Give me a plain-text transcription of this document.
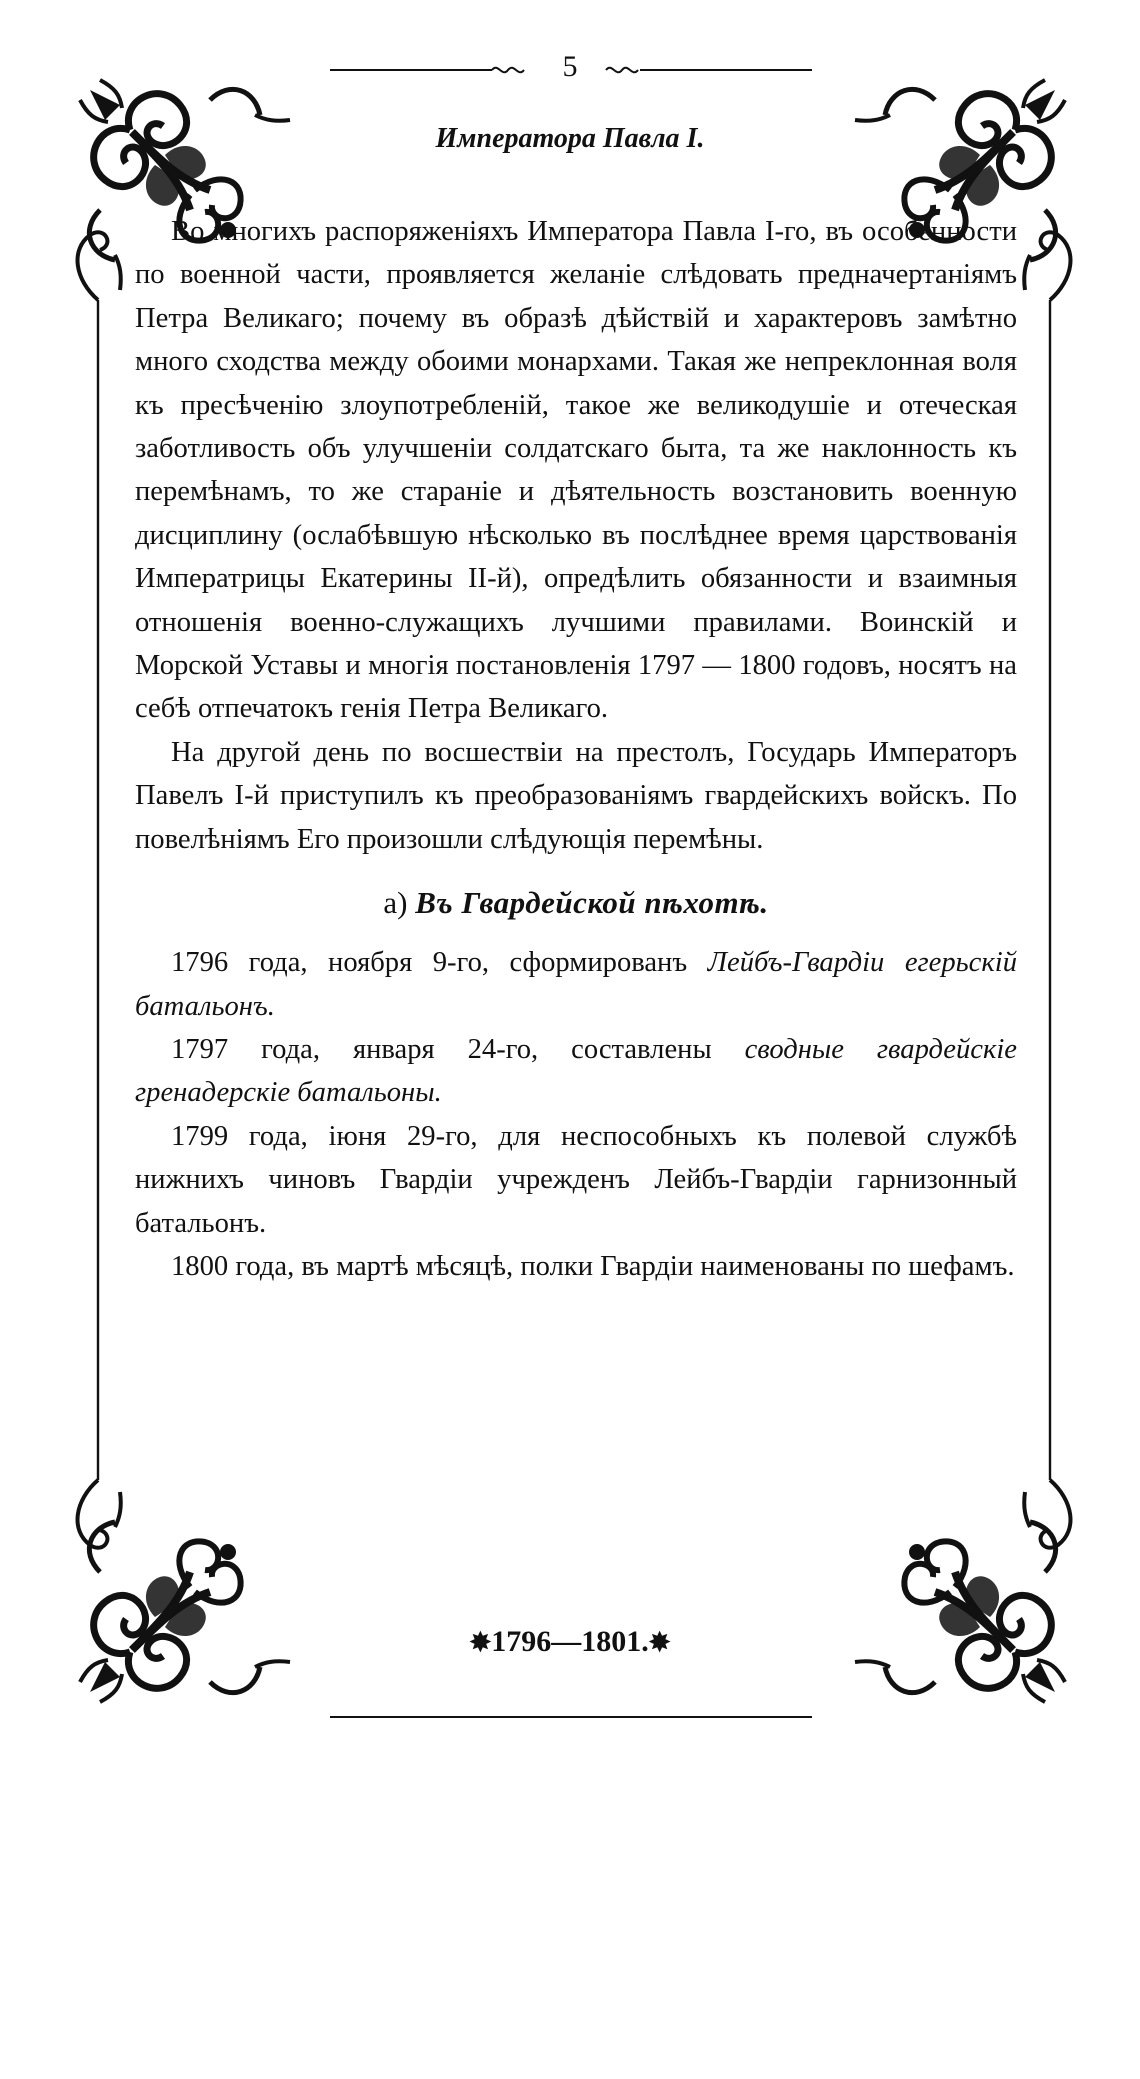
5
Императора Павла I.

Во многихъ распоряженіяхъ Императора Павла I-го, въ особенности по военной части, проявляется желаніе слѣдовать предначертаніямъ Петра Великаго; почему въ образѣ дѣйствій и характеровъ замѣтно много сходства между обоими монархами. Такая же непреклонная воля къ пресѣченію злоупотребленій, такое же великодушіе и отеческая заботливость объ улучшеніи солдатскаго быта, та же наклонность къ перемѣнамъ, то же стараніе и дѣятельность возстановить военную дисциплину (ослабѣвшую нѣсколько въ послѣднее время царствованія Императрицы Екатерины II-й), опредѣлить обязанности и взаимныя отношенія военно-служащихъ лучшими правилами. Воинскій и Морской Уставы и многія постановленія 1797 — 1800 годовъ, носятъ на себѣ отпечатокъ генія Петра Великаго.

На другой день по восшествіи на престолъ, Государь Императоръ Павелъ I-й приступилъ къ преобразованіямъ гвардейскихъ войскъ. По повелѣніямъ Его произошли слѣдующія перемѣны.

а) Въ Гвардейской пѣхотѣ.

1796 года, ноября 9-го, сформированъ Лейбъ-Гвардіи егерьскій батальонъ.

1797 года, января 24-го, составлены сводные гвардейскіе гренадерскіе батальоны.

1799 года, іюня 29-го, для неспособныхъ къ полевой службѣ нижнихъ чиновъ Гвардіи учрежденъ Лейбъ-Гвардіи гарнизонный батальонъ.

1800 года, въ мартѣ мѣсяцѣ, полки Гвардіи наименованы по шефамъ.

✸1796—1801.✸
